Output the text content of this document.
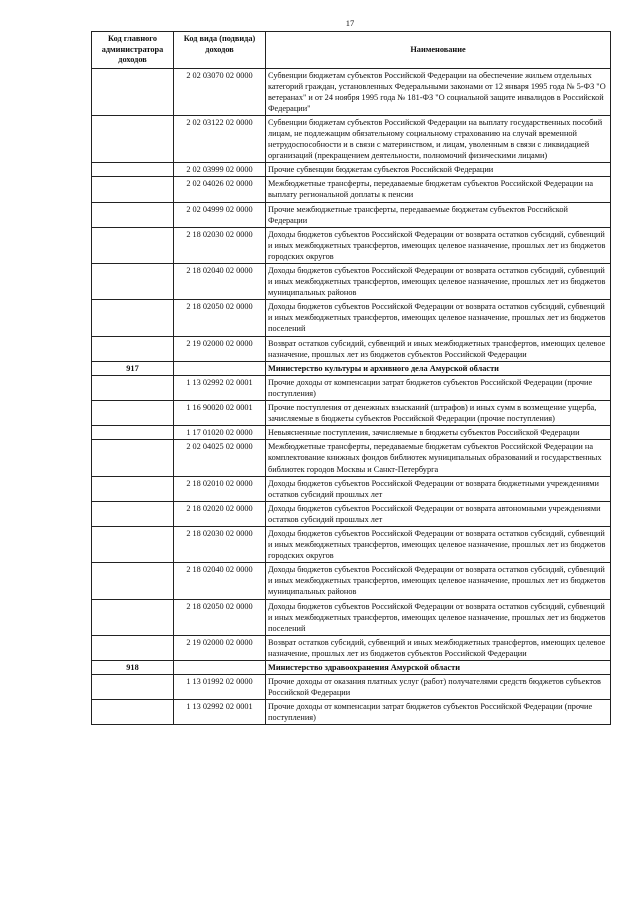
17
Код главного администратора доходов	Код вида (подвида) доходов	Наименование
	2 02 03070 02 0000	Субвенции бюджетам субъектов Российской Федерации на обеспечение жильем отдельных категорий граждан, установленных Федеральными законами от 12 января 1995 года № 5-ФЗ "О ветеранах" и от 24 ноября 1995 года № 181-ФЗ "О социальной защите инвалидов в Российской Федерации"
	2 02 03122 02 0000	Субвенции бюджетам субъектов Российской Федерации на выплату государственных пособий лицам, не подлежащим обязательному социальному страхованию на случай временной нетрудоспособности и в связи с материнством, и лицам, уволенным в связи с ликвидацией организаций (прекращением деятельности, полномочий физическими лицами)
	2 02 03999 02 0000	Прочие субвенции бюджетам субъектов Российской Федерации
	2 02 04026 02 0000	Межбюджетные трансферты, передаваемые бюджетам субъектов Российской Федерации на выплату региональной доплаты к пенсии
	2 02 04999 02 0000	Прочие межбюджетные трансферты, передаваемые бюджетам субъектов Российской Федерации
	2 18 02030 02 0000	Доходы бюджетов субъектов Российской Федерации от возврата остатков субсидий, субвенций и иных межбюджетных трансфертов, имеющих целевое назначение, прошлых лет из бюджетов городских округов
	2 18 02040 02 0000	Доходы бюджетов субъектов Российской Федерации от возврата остатков субсидий, субвенций и иных межбюджетных трансфертов, имеющих целевое назначение, прошлых лет из бюджетов муниципальных районов
	2 18 02050 02 0000	Доходы бюджетов субъектов Российской Федерации от возврата остатков субсидий, субвенций и иных межбюджетных трансфертов, имеющих целевое назначение, прошлых лет из бюджетов поселений
	2 19 02000 02 0000	Возврат остатков субсидий, субвенций и иных межбюджетных трансфертов, имеющих целевое назначение, прошлых лет из бюджетов субъектов Российской Федерации
917		Министерство культуры и архивного дела Амурской области
	1 13 02992 02 0001	Прочие доходы от компенсации затрат бюджетов субъектов Российской Федерации (прочие поступления)
	1 16 90020 02 0001	Прочие поступления от денежных взысканий (штрафов) и иных сумм в возмещение ущерба, зачисляемые в бюджеты субъектов Российской Федерации (прочие поступления)
	1 17 01020 02 0000	Невыясненные поступления, зачисляемые в бюджеты субъектов Российской Федерации
	2 02 04025 02 0000	Межбюджетные трансферты, передаваемые бюджетам субъектов Российской Федерации на комплектование книжных фондов библиотек муниципальных образований и государственных библиотек городов Москвы и Санкт-Петербурга
	2 18 02010 02 0000	Доходы бюджетов субъектов Российской Федерации от возврата бюджетными учреждениями остатков субсидий прошлых лет
	2 18 02020 02 0000	Доходы бюджетов субъектов Российской Федерации от возврата автономными учреждениями остатков субсидий прошлых лет
	2 18 02030 02 0000	Доходы бюджетов субъектов Российской Федерации от возврата остатков субсидий, субвенций и иных межбюджетных трансфертов, имеющих целевое назначение, прошлых лет из бюджетов городских округов
	2 18 02040 02 0000	Доходы бюджетов субъектов Российской Федерации от возврата остатков субсидий, субвенций и иных межбюджетных трансфертов, имеющих целевое назначение, прошлых лет из бюджетов муниципальных районов
	2 18 02050 02 0000	Доходы бюджетов субъектов Российской Федерации от возврата остатков субсидий, субвенций и иных межбюджетных трансфертов, имеющих целевое назначение, прошлых лет из бюджетов поселений
	2 19 02000 02 0000	Возврат остатков субсидий, субвенций и иных межбюджетных трансфертов, имеющих целевое назначение, прошлых лет из бюджетов субъектов Российской Федерации
918		Министерство здравоохранения Амурской области
	1 13 01992 02 0000	Прочие доходы от оказания платных услуг (работ) получателями средств бюджетов субъектов Российской Федерации
	1 13 02992 02 0001	Прочие доходы от компенсации затрат бюджетов субъектов Российской Федерации (прочие поступления)
